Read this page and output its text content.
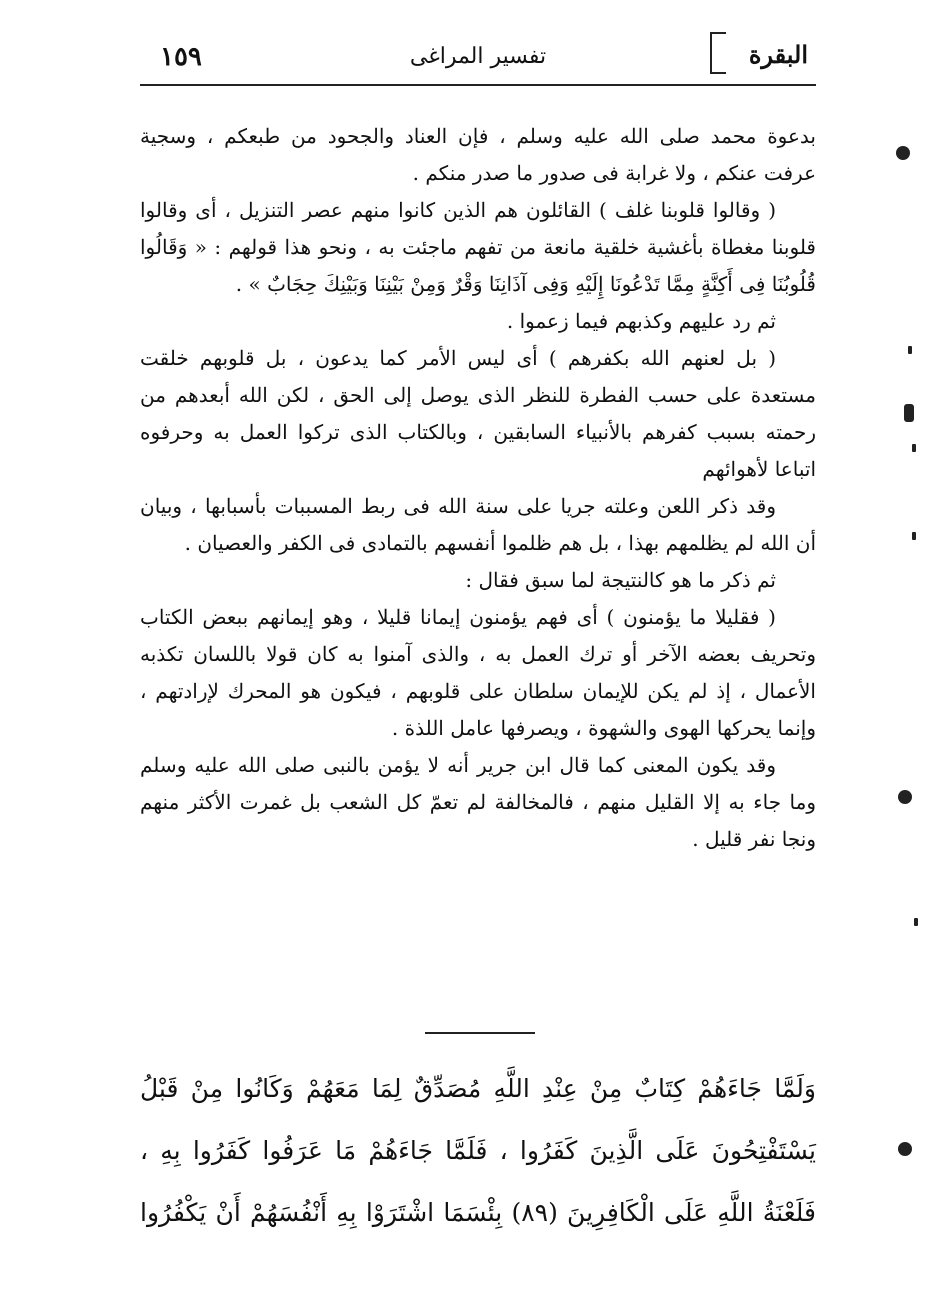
١٥٩	تفسير المراغى	البقرة

بدعوة محمد صلى الله عليه وسلم ، فإن العناد والجحود من طبعكم ، وسجية عرفت عنكم ، ولا غرابة فى صدور ما صدر منكم .

( وقالوا قلوبنا غلف ) القائلون هم الذين كانوا منهم عصر التنزيل ، أى وقالوا قلوبنا مغطاة بأغشية خلقية مانعة من تفهم ماجئت به ، ونحو هذا قولهم : « وَقَالُوا قُلُوبُنَا فِى أَكِنَّةٍ مِمَّا تَدْعُونَا إِلَيْهِ وَفِى آذَانِنَا وَقْرٌ وَمِنْ بَيْنِنَا وَبَيْنِكَ حِجَابٌ » .

ثم رد عليهم وكذبهم فيما زعموا .

( بل لعنهم الله بكفرهم ) أى ليس الأمر كما يدعون ، بل قلوبهم خلقت مستعدة على حسب الفطرة للنظر الذى يوصل إلى الحق ، لكن الله أبعدهم من رحمته بسبب كفرهم بالأنبياء السابقين ، وبالكتاب الذى تركوا العمل به وحرفوه اتباعا لأهوائهم

وقد ذكر اللعن وعلته جريا على سنة الله فى ربط المسببات بأسبابها ، وبيان أن الله لم يظلمهم بهذا ، بل هم ظلموا أنفسهم بالتمادى فى الكفر والعصيان .

ثم ذكر ما هو كالنتيجة لما سبق فقال :

( فقليلا ما يؤمنون ) أى فهم يؤمنون إيمانا قليلا ، وهو إيمانهم ببعض الكتاب وتحريف بعضه الآخر أو ترك العمل به ، والذى آمنوا به كان قولا باللسان تكذبه الأعمال ، إذ لم يكن للإيمان سلطان على قلوبهم ، فيكون هو المحرك لإرادتهم ، وإنما يحركها الهوى والشهوة ، ويصرفها عامل اللذة .

وقد يكون المعنى كما قال ابن جرير أنه لا يؤمن بالنبى صلى الله عليه وسلم وما جاء به إلا القليل منهم ، فالمخالفة لم تعمّ كل الشعب بل غمرت الأكثر منهم ونجا نفر قليل .

وَلَمَّا جَاءَهُمْ كِتَابٌ مِنْ عِنْدِ اللَّهِ مُصَدِّقٌ لِمَا مَعَهُمْ وَكَانُوا مِنْ قَبْلُ

يَسْتَفْتِحُونَ عَلَى الَّذِينَ كَفَرُوا ، فَلَمَّا جَاءَهُمْ مَا عَرَفُوا كَفَرُوا بِهِ ،

فَلَعْنَةُ اللَّهِ عَلَى الْكَافِرِينَ (٨٩) بِئْسَمَا اشْتَرَوْا بِهِ أَنْفُسَهُمْ أَنْ يَكْفُرُوا
